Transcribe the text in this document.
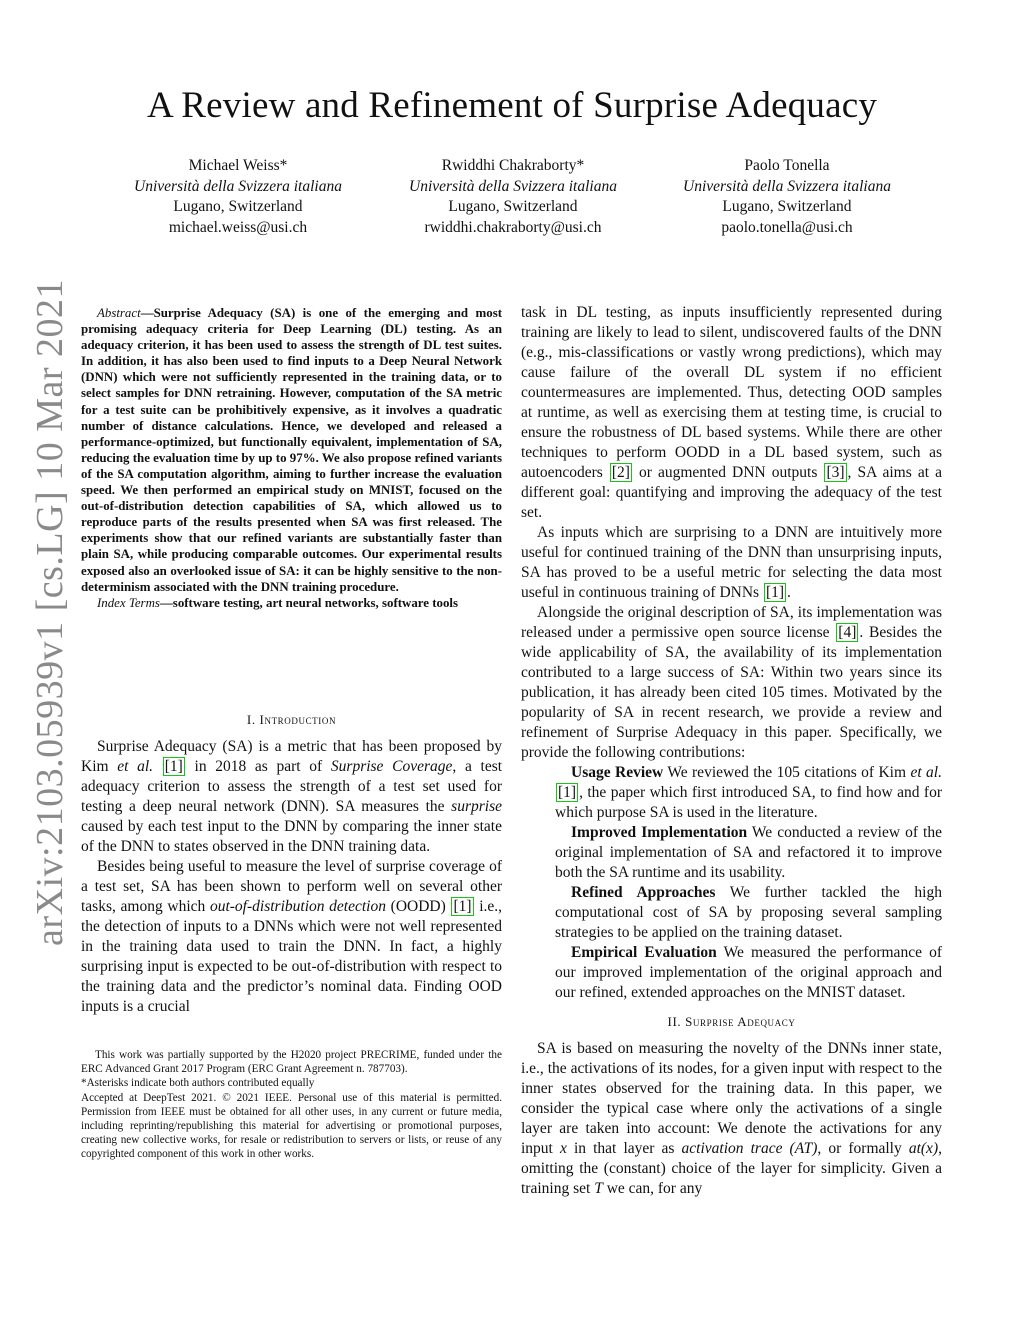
A Review and Refinement of Surprise Adequacy
Michael Weiss*
Università della Svizzera italiana
Lugano, Switzerland
michael.weiss@usi.ch
Rwiddhi Chakraborty*
Università della Svizzera italiana
Lugano, Switzerland
rwiddhi.chakraborty@usi.ch
Paolo Tonella
Università della Svizzera italiana
Lugano, Switzerland
paolo.tonella@usi.ch
arXiv:2103.05939v1 [cs.LG] 10 Mar 2021	Abstract—Surprise Adequacy (SA) is one of the emerging and most promising adequacy criteria for Deep Learning (DL) testing. As an adequacy criterion, it has been used to assess the strength of DL test suites. In addition, it has also been used to find inputs to a Deep Neural Network (DNN) which were not sufficiently represented in the training data, or to select samples for DNN retraining. However, computation of the SA metric for a test suite can be prohibitively expensive, as it involves a quadratic number of distance calculations. Hence, we developed and released a performance-optimized, but functionally equivalent, implementation of SA, reducing the evaluation time by up to 97%. We also propose refined variants of the SA computation algorithm, aiming to further increase the evaluation speed. We then performed an empirical study on MNIST, focused on the out-of-distribution detection capabilities of SA, which allowed us to reproduce parts of the results presented when SA was first released. The experiments show that our refined variants are substantially faster than plain SA, while producing comparable outcomes. Our experimental results exposed also an overlooked issue of SA: it can be highly sensitive to the non-determinism associated with the DNN training procedure.

Index Terms—software testing, art neural networks, software tools

I. Introduction

Surprise Adequacy (SA) is a metric that has been proposed by Kim et al. [1] in 2018 as part of Surprise Coverage, a test adequacy criterion to assess the strength of a test set used for testing a deep neural network (DNN). SA measures the surprise caused by each test input to the DNN by comparing the inner state of the DNN to states observed in the DNN training data.

Besides being useful to measure the level of surprise coverage of a test set, SA has been shown to perform well on several other tasks, among which out-of-distribution detection (OODD) [1] i.e., the detection of inputs to a DNNs which were not well represented in the training data used to train the DNN. In fact, a highly surprising input is expected to be out-of-distribution with respect to the training data and the predictor’s nominal data. Finding OOD inputs is a crucial

This work was partially supported by the H2020 project PRECRIME, funded under the ERC Advanced Grant 2017 Program (ERC Grant Agreement n. 787703).

*Asterisks indicate both authors contributed equally

Accepted at DeepTest 2021. © 2021 IEEE. Personal use of this material is permitted. Permission from IEEE must be obtained for all other uses, in any current or future media, including reprinting/republishing this material for advertising or promotional purposes, creating new collective works, for resale or redistribution to servers or lists, or reuse of any copyrighted component of this work in other works.

task in DL testing, as inputs insufficiently represented during training are likely to lead to silent, undiscovered faults of the DNN (e.g., mis-classifications or vastly wrong predictions), which may cause failure of the overall DL system if no efficient countermeasures are implemented. Thus, detecting OOD samples at runtime, as well as exercising them at testing time, is crucial to ensure the robustness of DL based systems. While there are other techniques to perform OODD in a DL based system, such as autoencoders [2] or augmented DNN outputs [3] , SA aims at a different goal: quantifying and improving the adequacy of the test set.

As inputs which are surprising to a DNN are intuitively more useful for continued training of the DNN than unsurprising inputs, SA has proved to be a useful metric for selecting the data most useful in continuous training of DNNs [1] .

Alongside the original description of SA, its implementation was released under a permissive open source license [4] . Besides the wide applicability of SA, the availability of its implementation contributed to a large success of SA: Within two years since its publication, it has already been cited 105 times. Motivated by the popularity of SA in recent research, we provide a review and refinement of Surprise Adequacy in this paper. Specifically, we provide the following contributions:

Usage Review We reviewed the 105 citations of Kim et al. [1] , the paper which first introduced SA, to find how and for which purpose SA is used in the literature.

Improved Implementation We conducted a review of the original implementation of SA and refactored it to improve both the SA runtime and its usability.

Refined Approaches We further tackled the high computational cost of SA by proposing several sampling strategies to be applied on the training dataset.

Empirical Evaluation We measured the performance of our improved implementation of the original approach and our refined, extended approaches on the MNIST dataset.

II. Surprise Adequacy

SA is based on measuring the novelty of the DNNs inner state, i.e., the activations of its nodes, for a given input with respect to the inner states observed for the training data. In this paper, we consider the typical case where only the activations of a single layer are taken into account: We denote the activations for any input x in that layer as activation trace (AT), or formally at(x), omitting the (constant) choice of the layer for simplicity. Given a training set T we can, for any
